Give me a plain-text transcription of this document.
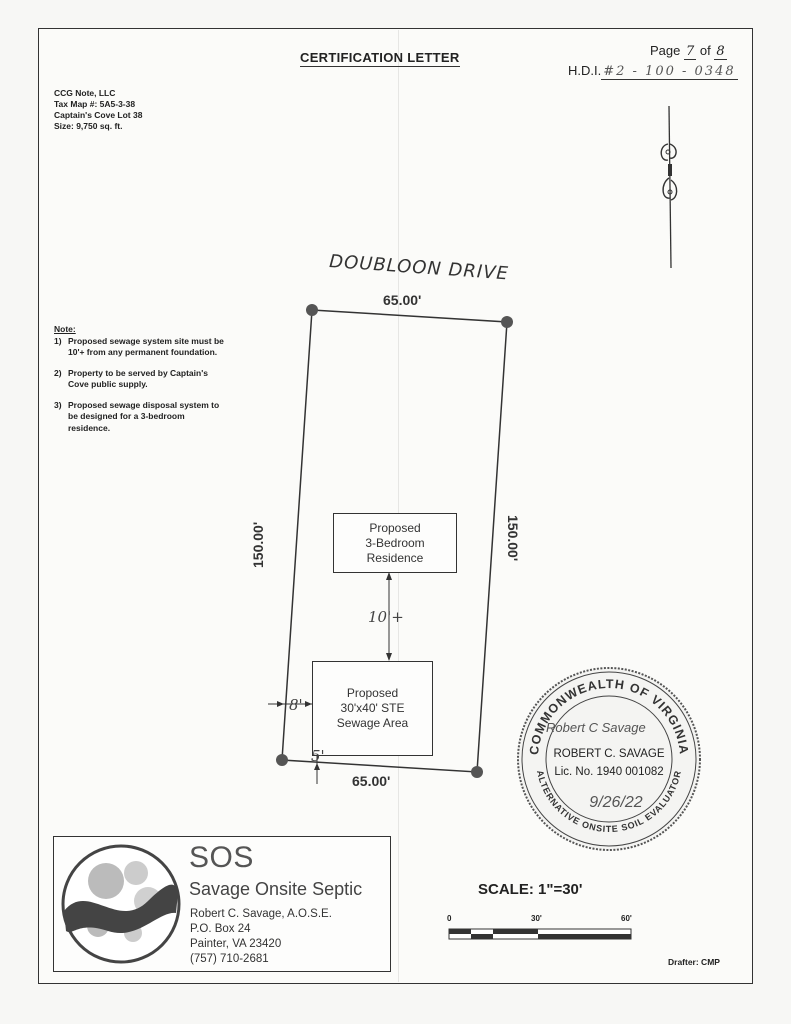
CERTIFICATION LETTER	Page 7 of 8
H.D.I. #2 - 100 - 0348
CCG Note, LLC
Tax Map #: 5A5-3-38
Captain's Cove Lot 38
Size: 9,750 sq. ft.
Note:
1) Proposed sewage system site must be 10'+ from any permanent foundation.
2) Property to be served by Captain's Cove public supply.
3) Proposed sewage disposal system to be designed for a 3-bedroom residence.
DOUBLOON DRIVE
65.00'
65.00'
150.00'	150.00'
Proposed
3-Bedroom
Residence
Proposed
30'x40' STE
Sewage Area
10'+
8'
5'	COMMONWEALTH OF VIRGINIA
ALTERNATIVE ONSITE SOIL EVALUATOR
Robert C Savage
ROBERT C. SAVAGE
Lic. No. 1940 001082
9/26/22
SOS
Savage Onsite Septic
Robert C. Savage, A.O.S.E.
P.O. Box 24
Painter, VA 23420
(757) 710-2681
SCALE: 1"=30'
0	30'	60'
Drafter: CMP
